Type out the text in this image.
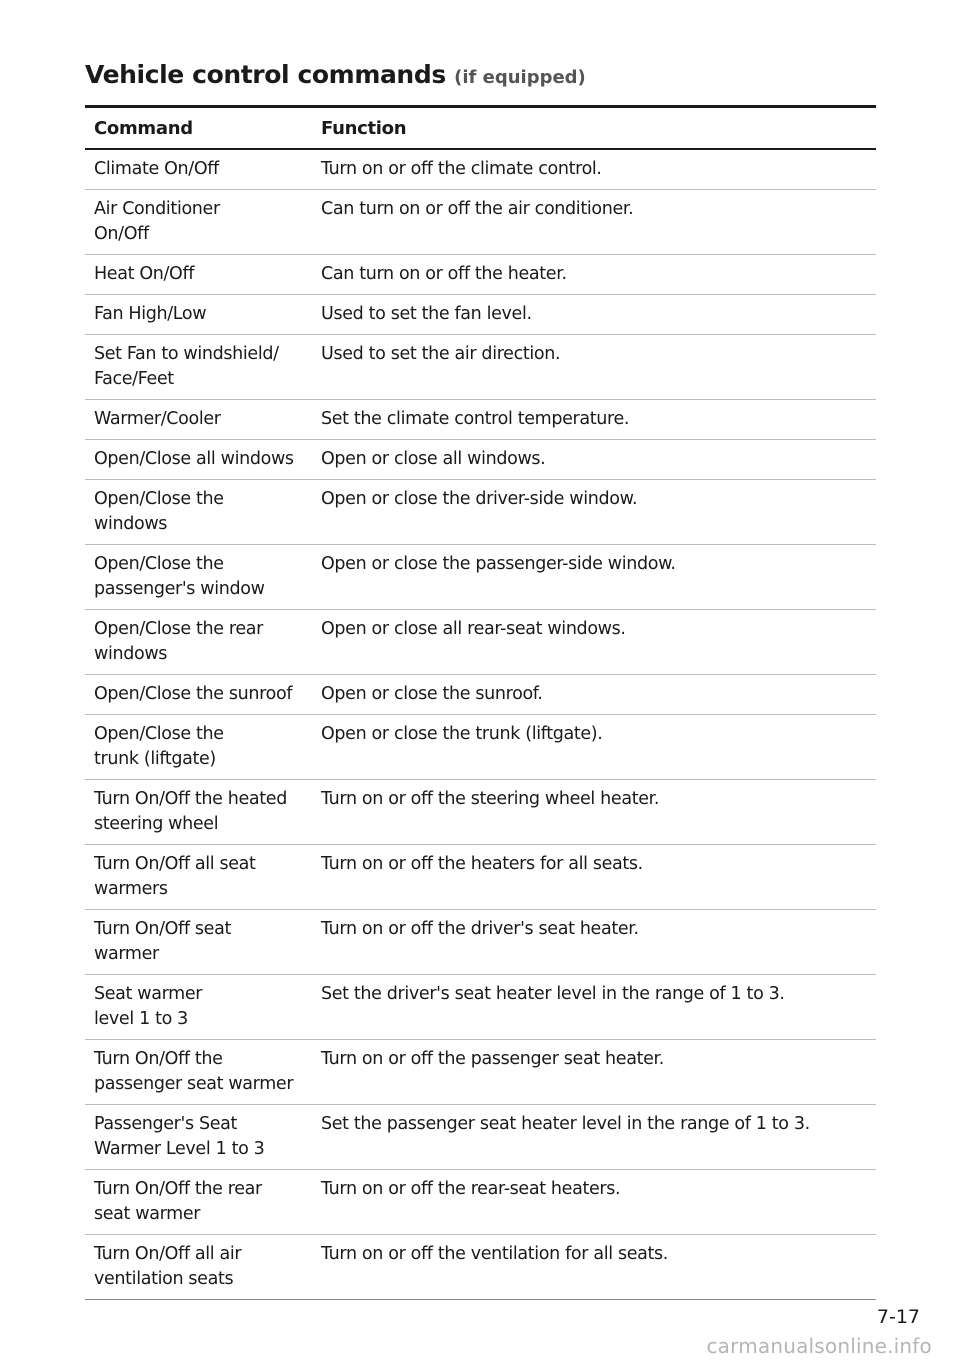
Vehicle control commands (if equipped)
Command	Function
Climate On/Off	Turn on or off the climate control.
Air Conditioner
On/Off	Can turn on or off the air conditioner.
Heat On/Off	Can turn on or off the heater.
Fan High/Low	Used to set the fan level.
Set Fan to windshield/
Face/Feet	Used to set the air direction.
Warmer/Cooler	Set the climate control temperature.
Open/Close all windows	Open or close all windows.
Open/Close the
windows	Open or close the driver-side window.
Open/Close the
passenger's window	Open or close the passenger-side window.
Open/Close the rear
windows	Open or close all rear-seat windows.
Open/Close the sunroof	Open or close the sunroof.
Open/Close the
trunk (liftgate)	Open or close the trunk (liftgate).
Turn On/Off the heated
steering wheel	Turn on or off the steering wheel heater.
Turn On/Off all seat
warmers	Turn on or off the heaters for all seats.
Turn On/Off seat
warmer	Turn on or off the driver's seat heater.
Seat warmer
level 1 to 3	Set the driver's seat heater level in the range of 1 to 3.
Turn On/Off the
passenger seat warmer	Turn on or off the passenger seat heater.
Passenger's Seat
Warmer Level 1 to 3	Set the passenger seat heater level in the range of 1 to 3.
Turn On/Off the rear
seat warmer	Turn on or off the rear-seat heaters.
Turn On/Off all air
ventilation seats	Turn on or off the ventilation for all seats.
7-17
carmanualsonline.info
